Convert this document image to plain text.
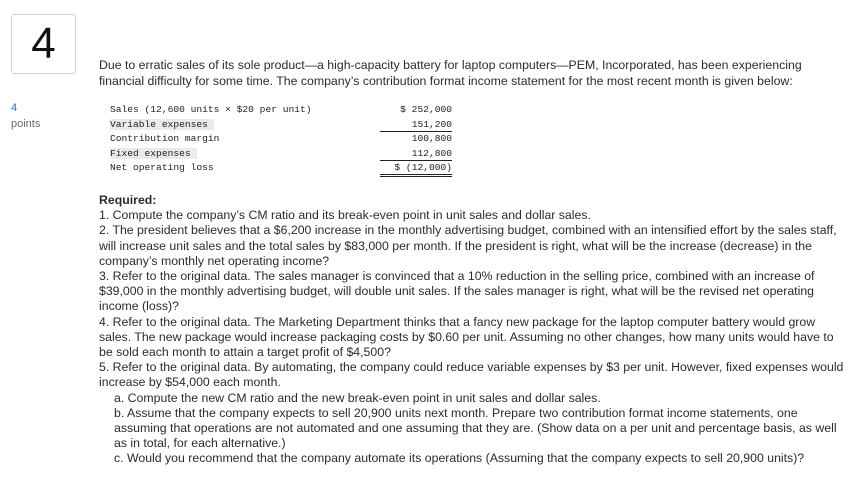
4
4
points

Due to erratic sales of its sole product—a high-capacity battery for laptop computers—PEM, Incorporated, has been experiencing financial difficulty for some time. The company’s contribution format income statement for the most recent month is given below:

Sales (12,600 units × $20 per unit)	$ 252,000
Variable expenses	151,200
Contribution margin	100,800
Fixed expenses	112,800
Net operating loss	$ (12,000)

Required:

1. Compute the company’s CM ratio and its break-even point in unit sales and dollar sales.

2. The president believes that a $6,200 increase in the monthly advertising budget, combined with an intensified effort by the sales staff, will increase unit sales and the total sales by $83,000 per month. If the president is right, what will be the increase (decrease) in the company’s monthly net operating income?

3. Refer to the original data. The sales manager is convinced that a 10% reduction in the selling price, combined with an increase of $39,000 in the monthly advertising budget, will double unit sales. If the sales manager is right, what will be the revised net operating income (loss)?

4. Refer to the original data. The Marketing Department thinks that a fancy new package for the laptop computer battery would grow sales. The new package would increase packaging costs by $0.60 per unit. Assuming no other changes, how many units would have to be sold each month to attain a target profit of $4,500?

5. Refer to the original data. By automating, the company could reduce variable expenses by $3 per unit. However, fixed expenses would increase by $54,000 each month.

a. Compute the new CM ratio and the new break-even point in unit sales and dollar sales.

b. Assume that the company expects to sell 20,900 units next month. Prepare two contribution format income statements, one assuming that operations are not automated and one assuming that they are. (Show data on a per unit and percentage basis, as well as in total, for each alternative.)

c. Would you recommend that the company automate its operations (Assuming that the company expects to sell 20,900 units)?
